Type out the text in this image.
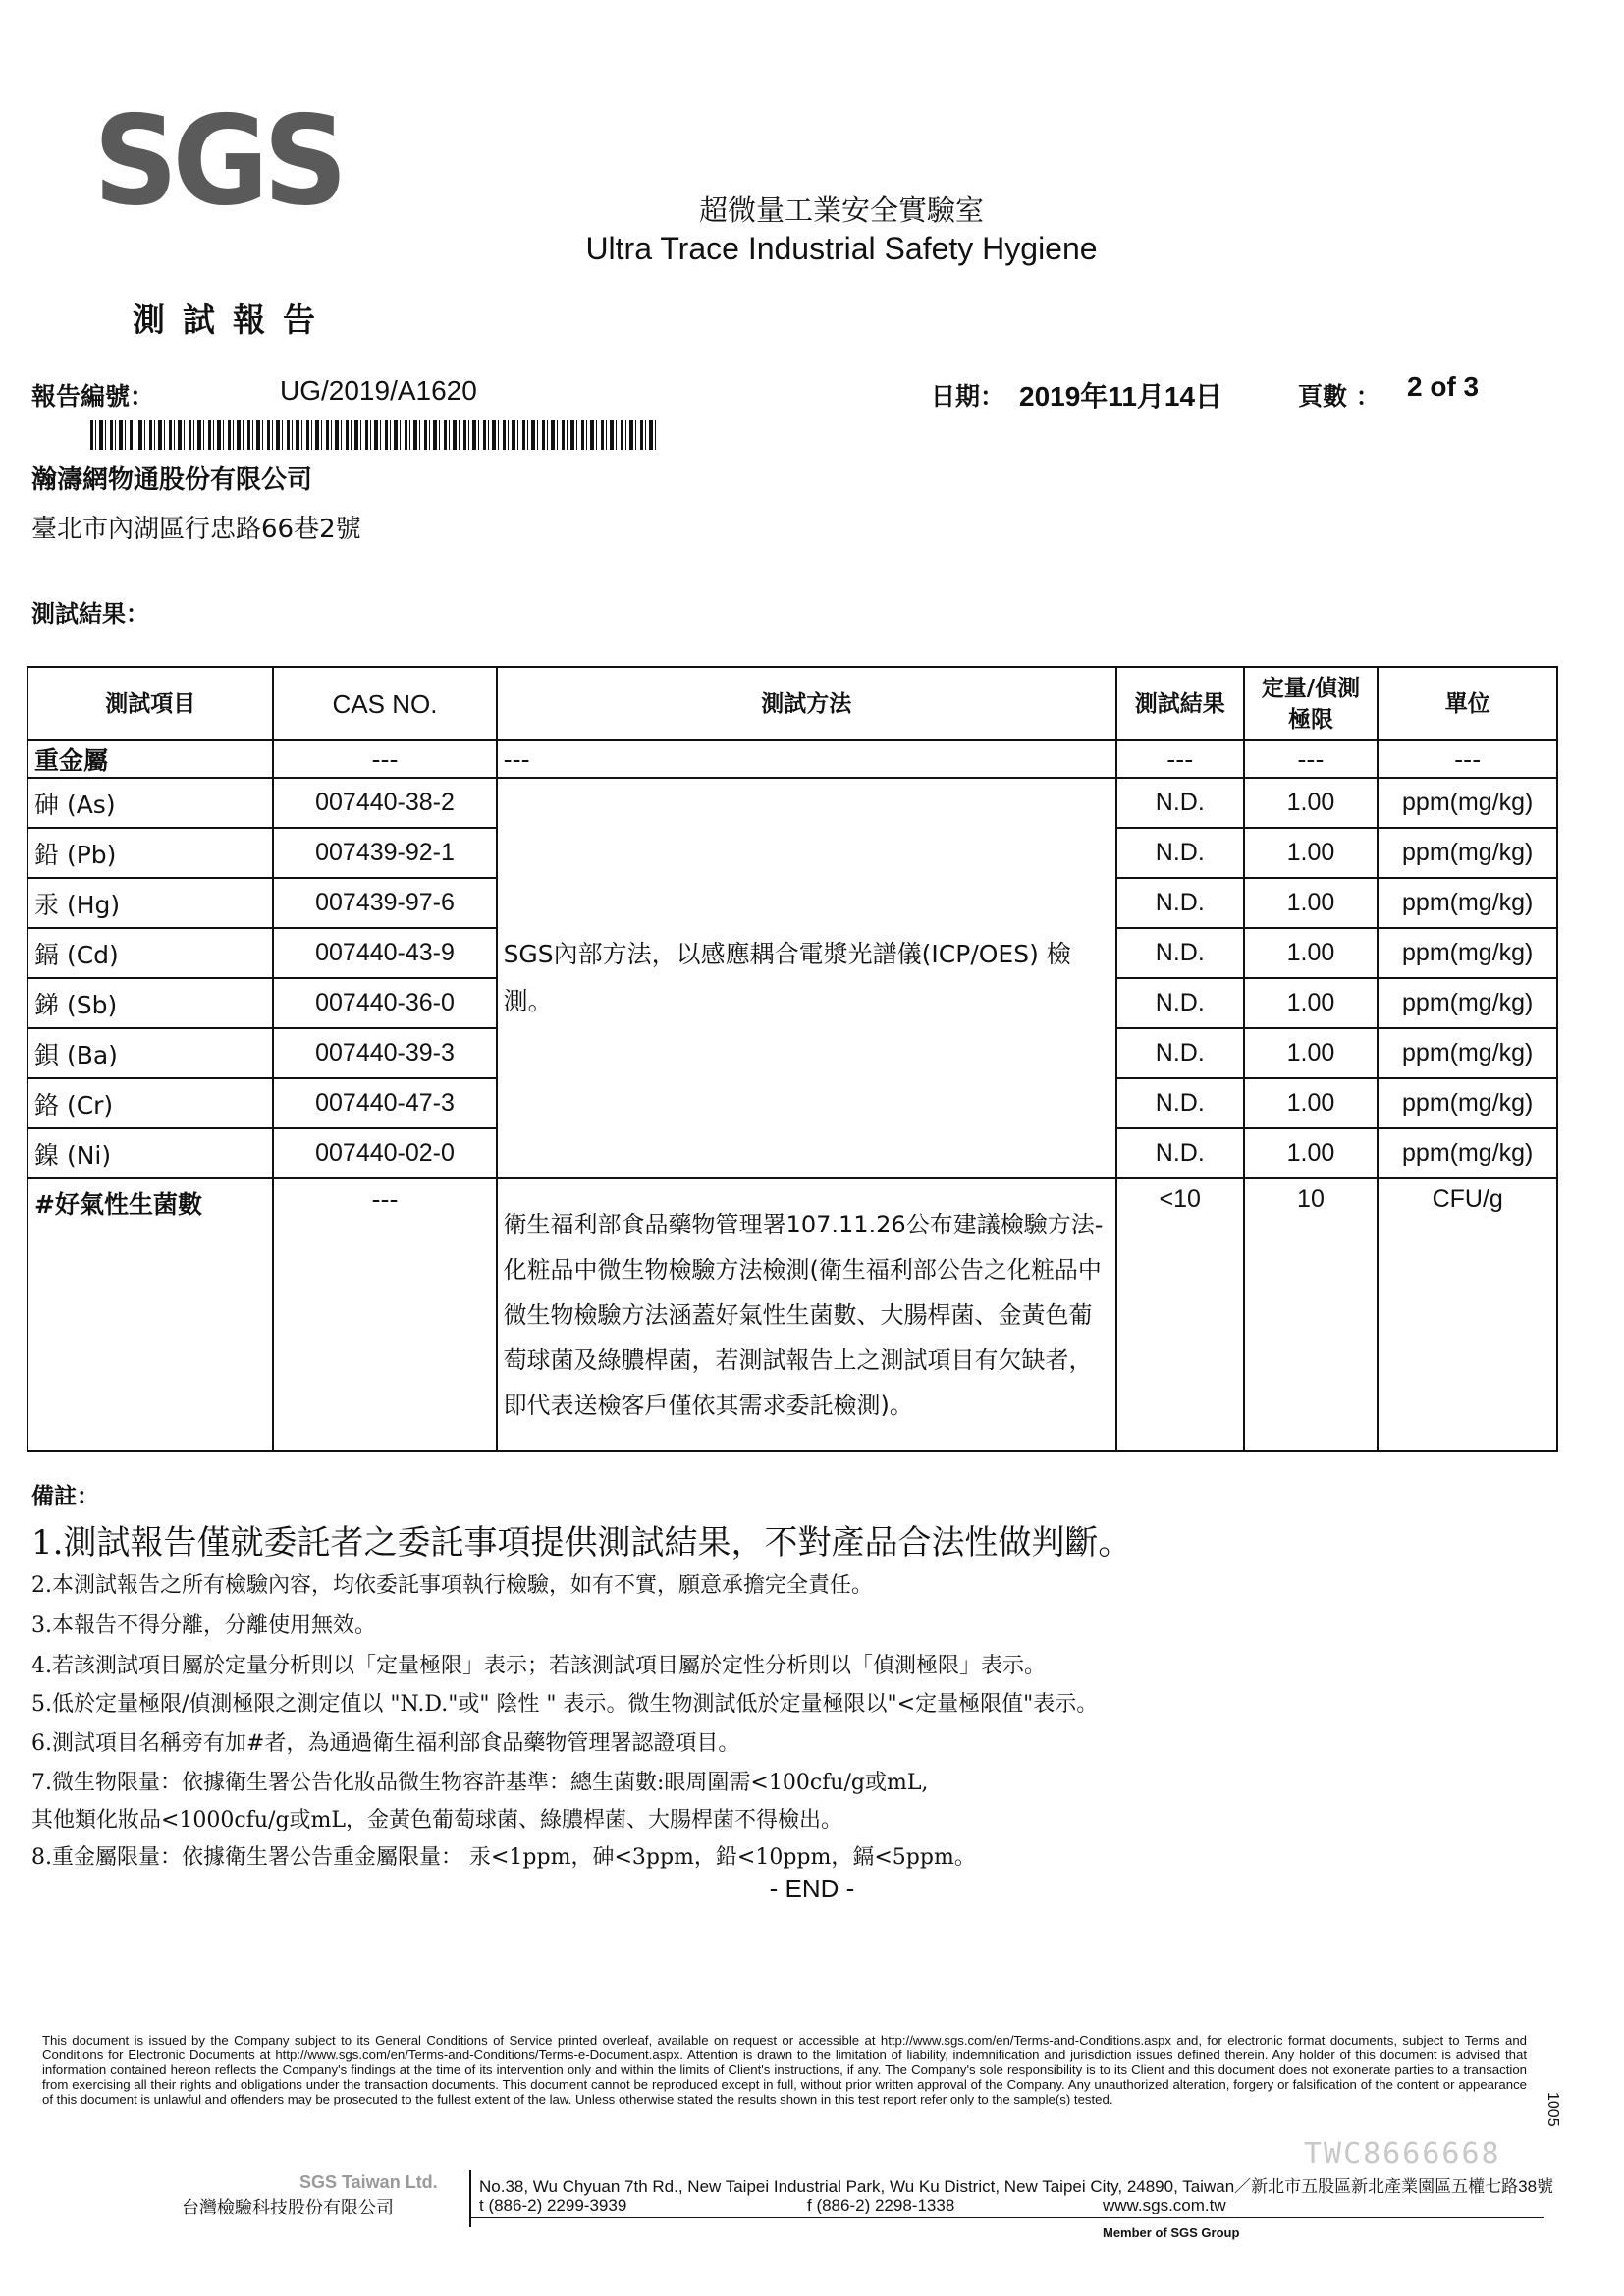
SGS	超微量工業安全實驗室
Ultra Trace Industrial Safety Hygiene
測試報告
報告編號：	UG/2019/A1620	日期： 2019年11月14日	頁數 ： 2 of 3
瀚濤網物通股份有限公司
臺北市內湖區行忠路66巷2號
測試結果：
測試項目	CAS NO.	測試方法	測試結果	定量/偵測極限	單位
重金屬	---	---	---	---	---
砷 (As)	007440-38-2	SGS內部方法，以感應耦合電漿光譜儀(ICP/OES) 檢測。	N.D.	1.00	ppm(mg/kg)
鉛 (Pb)	007439-92-1		N.D.	1.00	ppm(mg/kg)
汞 (Hg)	007439-97-6		N.D.	1.00	ppm(mg/kg)
鎘 (Cd)	007440-43-9		N.D.	1.00	ppm(mg/kg)
銻 (Sb)	007440-36-0		N.D.	1.00	ppm(mg/kg)
鋇 (Ba)	007440-39-3		N.D.	1.00	ppm(mg/kg)
鉻 (Cr)	007440-47-3		N.D.	1.00	ppm(mg/kg)
鎳 (Ni)	007440-02-0		N.D.	1.00	ppm(mg/kg)
#好氣性生菌數	---	衛生福利部食品藥物管理署107.11.26公布建議檢驗方法-化粧品中微生物檢驗方法檢測(衛生福利部公告之化粧品中微生物檢驗方法涵蓋好氣性生菌數、大腸桿菌、金黃色葡萄球菌及綠膿桿菌，若測試報告上之測試項目有欠缺者，即代表送檢客戶僅依其需求委託檢測)。	<10	10	CFU/g
備註：
1.測試報告僅就委託者之委託事項提供測試結果，不對產品合法性做判斷。
2.本測試報告之所有檢驗內容，均依委託事項執行檢驗，如有不實，願意承擔完全責任。
3.本報告不得分離，分離使用無效。
4.若該測試項目屬於定量分析則以「定量極限」表示；若該測試項目屬於定性分析則以「偵測極限」表示。
5.低於定量極限/偵測極限之測定值以 "N.D."或" 陰性 " 表示。微生物測試低於定量極限以"<定量極限值"表示。
6.測試項目名稱旁有加#者，為通過衛生福利部食品藥物管理署認證項目。
7.微生物限量：依據衛生署公告化妝品微生物容許基準：總生菌數:眼周圍需<100cfu/g或mL,
其他類化妝品<1000cfu/g或mL，金黃色葡萄球菌、綠膿桿菌、大腸桿菌不得檢出。
8.重金屬限量：依據衛生署公告重金屬限量： 汞<1ppm，砷<3ppm，鉛<10ppm，鎘<5ppm。
- END -
This document is issued by the Company subject to its General Conditions of Service printed overleaf, available on request or accessible at http://www.sgs.com/en/Terms-and-Conditions.aspx and, for electronic format documents, subject to Terms and Conditions for Electronic Documents at http://www.sgs.com/en/Terms-and-Conditions/Terms-e-Document.aspx. Attention is drawn to the limitation of liability, indemnification and jurisdiction issues defined therein. Any holder of this document is advised that information contained hereon reflects the Company's findings at the time of its intervention only and within the limits of Client's instructions, if any. The Company's sole responsibility is to its Client and this document does not exonerate parties to a transaction from exercising all their rights and obligations under the transaction documents. This document cannot be reproduced except in full, without prior written approval of the Company. Any unauthorized alteration, forgery or falsification of the content or appearance of this document is unlawful and offenders may be prosecuted to the fullest extent of the law. Unless otherwise stated the results shown in this test report refer only to the sample(s) tested.
TWC8666668
1005
SGS Taiwan Ltd.
台灣檢驗科技股份有限公司
No.38, Wu Chyuan 7th Rd., New Taipei Industrial Park, Wu Ku District, New Taipei City, 24890, Taiwan／新北市五股區新北產業園區五權七路38號
t (886-2) 2299-3939	f (886-2) 2298-1338	www.sgs.com.tw
Member of SGS Group
